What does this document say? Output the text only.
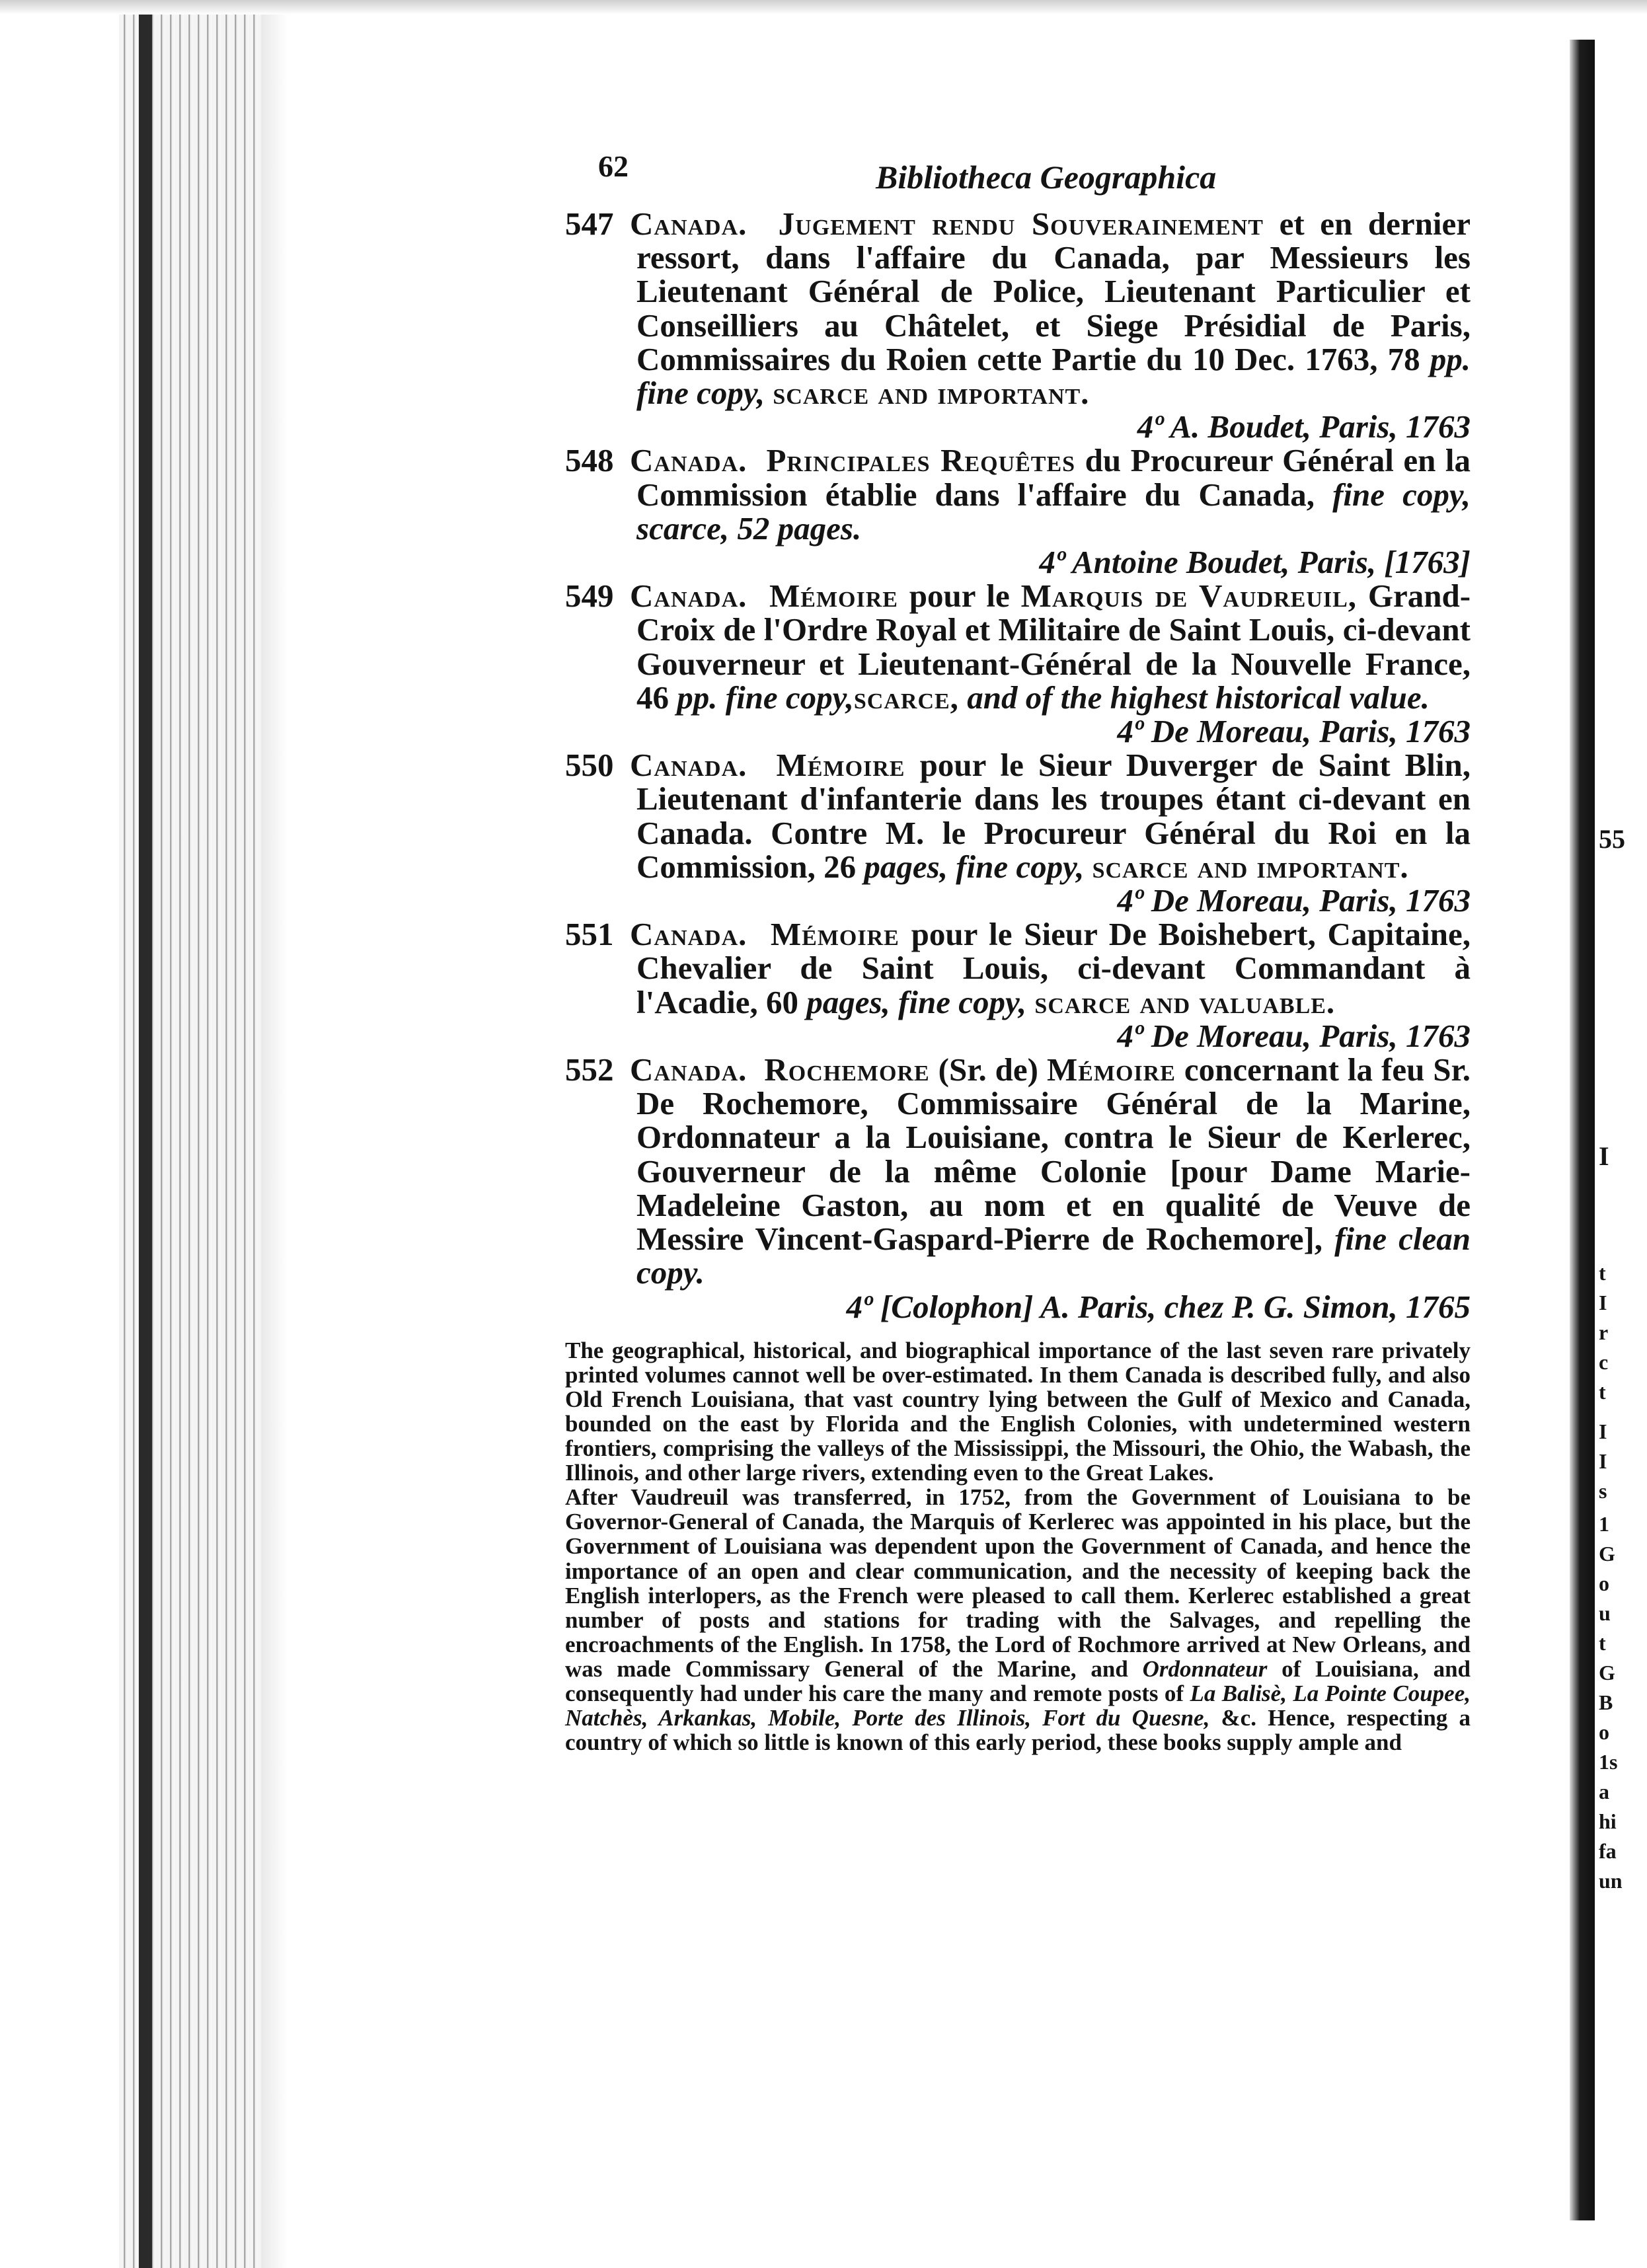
55
I
t
I
r
c
t
I
I
s
1
G
o
u
t
G
B
o
1s
a
hi
fa
un
62	Bibliotheca Geographica
547 Canada. Jugement rendu Souverainement et en dernier ressort, dans l'affaire du Canada, par Messieurs les Lieutenant Général de Police, Lieutenant Particulier et Conseilliers au Châtelet, et Siege Présidial de Paris, Commissaires du Roien cette Partie du 10 Dec. 1763, 78 pp. fine copy, scarce and important.
4º A. Boudet, Paris, 1763
548 Canada. Principales Requêtes du Procureur Général en la Commission établie dans l'affaire du Canada, fine copy, scarce, 52 pages.
4º Antoine Boudet, Paris, [1763]
549 Canada. Mémoire pour le Marquis de Vaudreuil, Grand-Croix de l'Ordre Royal et Militaire de Saint Louis, ci-devant Gouverneur et Lieutenant-Général de la Nouvelle France, 46 pp. fine copy,scarce, and of the highest historical value.
4º De Moreau, Paris, 1763
550 Canada. Mémoire pour le Sieur Duverger de Saint Blin, Lieutenant d'infanterie dans les troupes étant ci-devant en Canada. Contre M. le Procureur Général du Roi en la Commission, 26 pages, fine copy, scarce and important.
4º De Moreau, Paris, 1763
551 Canada. Mémoire pour le Sieur De Boishebert, Capitaine, Chevalier de Saint Louis, ci-devant Commandant à l'Acadie, 60 pages, fine copy, scarce and valuable.
4º De Moreau, Paris, 1763
552 Canada. Rochemore (Sr. de) Mémoire concernant la feu Sr. De Rochemore, Commissaire Général de la Marine, Ordonnateur a la Louisiane, contra le Sieur de Kerlerec, Gouverneur de la même Colonie [pour Dame Marie-Madeleine Gaston, au nom et en qualité de Veuve de Messire Vincent-Gaspard-Pierre de Rochemore], fine clean copy.
4º [Colophon] A. Paris, chez P. G. Simon, 1765

The geographical, historical, and biographical importance of the last seven rare privately printed volumes cannot well be over-estimated. In them Canada is described fully, and also Old French Louisiana, that vast country lying between the Gulf of Mexico and Canada, bounded on the east by Florida and the English Colonies, with undetermined western frontiers, comprising the valleys of the Mississippi, the Missouri, the Ohio, the Wabash, the Illinois, and other large rivers, extending even to the Great Lakes.

After Vaudreuil was transferred, in 1752, from the Government of Louisiana to be Governor-General of Canada, the Marquis of Kerlerec was appointed in his place, but the Government of Louisiana was dependent upon the Government of Canada, and hence the importance of an open and clear communication, and the necessity of keeping back the English interlopers, as the French were pleased to call them. Kerlerec established a great number of posts and stations for trading with the Salvages, and repelling the encroachments of the English. In 1758, the Lord of Rochmore arrived at New Orleans, and was made Commissary General of the Marine, and Ordonnateur of Louisiana, and consequently had under his care the many and remote posts of La Balisè, La Pointe Coupee, Natchès, Arkankas, Mobile, Porte des Illinois, Fort du Quesne, &c. Hence, respecting a country of which so little is known of this early period, these books supply ample and
